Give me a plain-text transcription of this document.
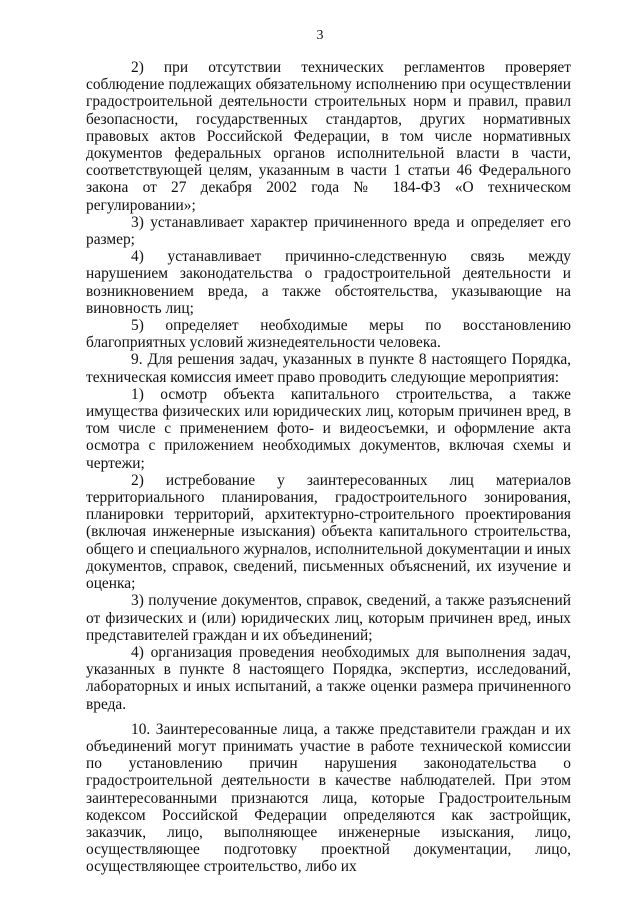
3

2) при отсутствии технических регламентов проверяет соблюдение подлежащих обязательному исполнению при осуществлении градостроительной деятельности строительных норм и правил, правил безопасности, государственных стандартов, других нормативных правовых актов Российской Федерации, в том числе нормативных документов федеральных органов исполнительной власти в части, соответствующей целям, указанным в части 1 статьи 46 Федерального закона от 27 декабря 2002 года № 184-ФЗ «О техническом регулировании»;

3) устанавливает характер причиненного вреда и определяет его размер;

4) устанавливает причинно-следственную связь между нарушением законодательства о градостроительной деятельности и возникновением вреда, а также обстоятельства, указывающие на виновность лиц;

5) определяет необходимые меры по восстановлению благоприятных условий жизнедеятельности человека.

9. Для решения задач, указанных в пункте 8 настоящего Порядка, техническая комиссия имеет право проводить следующие мероприятия:

1) осмотр объекта капитального строительства, а также имущества физических или юридических лиц, которым причинен вред, в том числе с применением фото- и видеосъемки, и оформление акта осмотра с приложением необходимых документов, включая схемы и чертежи;

2) истребование у заинтересованных лиц материалов территориального планирования, градостроительного зонирования, планировки территорий, архитектурно-строительного проектирования (включая инженерные изыскания) объекта капитального строительства, общего и специального журналов, исполнительной документации и иных документов, справок, сведений, письменных объяснений, их изучение и оценка;

3) получение документов, справок, сведений, а также разъяснений от физических и (или) юридических лиц, которым причинен вред, иных представителей граждан и их объединений;

4) организация проведения необходимых для выполнения задач, указанных в пункте 8 настоящего Порядка, экспертиз, исследований, лабораторных и иных испытаний, а также оценки размера причиненного вреда.

10. Заинтересованные лица, а также представители граждан и их объединений могут принимать участие в работе технической комиссии по установлению причин нарушения законодательства о градостроительной деятельности в качестве наблюдателей. При этом заинтересованными признаются лица, которые Градостроительным кодексом Российской Федерации определяются как застройщик, заказчик, лицо, выполняющее инженерные изыскания, лицо, осуществляющее подготовку проектной документации, лицо, осуществляющее строительство, либо их
